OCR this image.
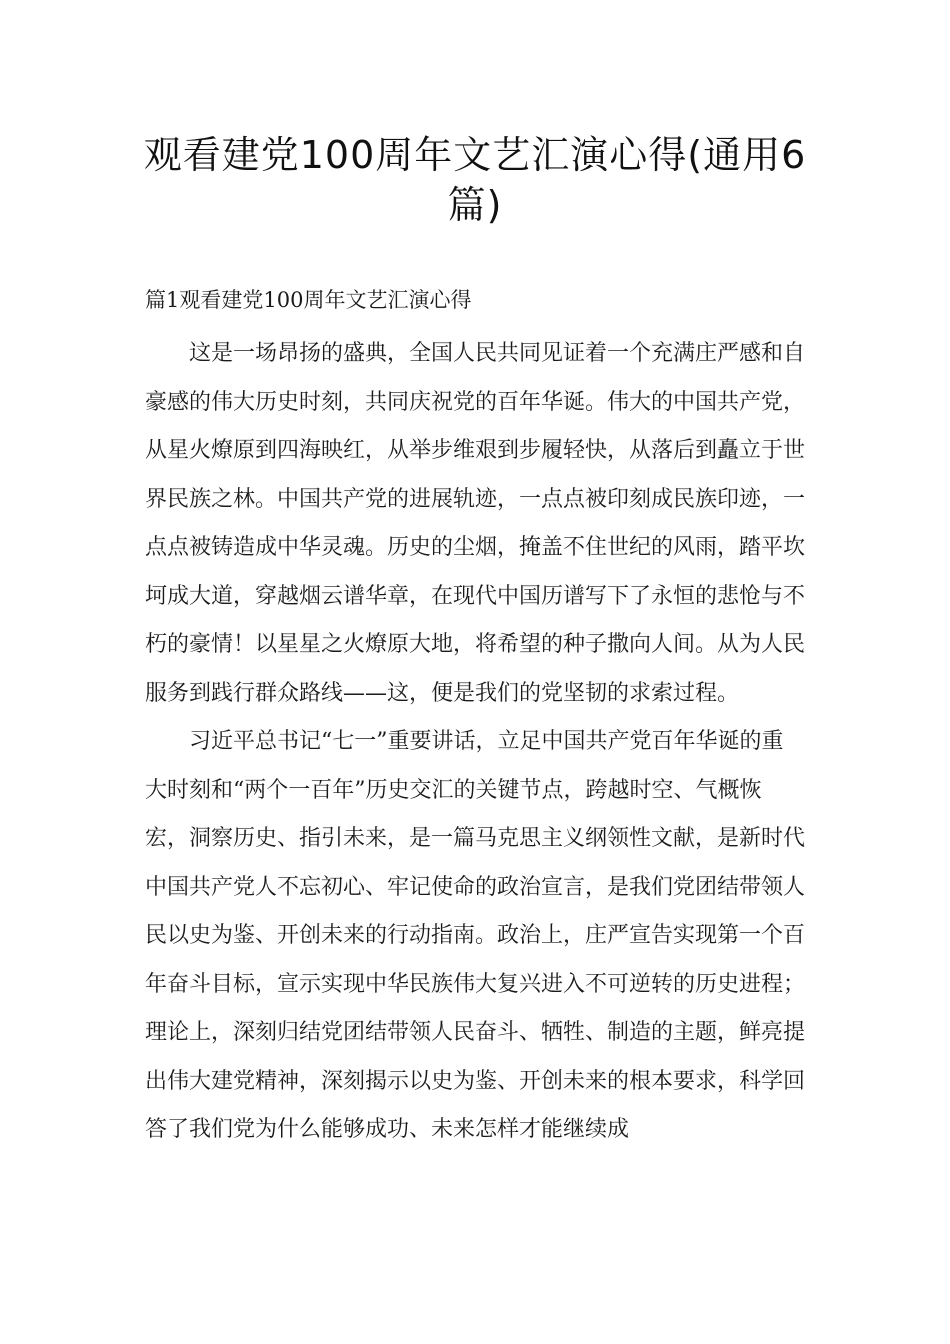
观看建党100周年文艺汇演心得(通用6篇)
篇1观看建党100周年文艺汇演心得

　　这是一场昂扬的盛典，全国人民共同见证着一个充满庄严感和自豪感的伟大历史时刻，共同庆祝党的百年华诞。伟大的中国共产党，从星火燎原到四海映红，从举步维艰到步履轻快，从落后到矗立于世界民族之林。中国共产党的进展轨迹，一点点被印刻成民族印迹，一点点被铸造成中华灵魂。历史的尘烟，掩盖不住世纪的风雨，踏平坎坷成大道，穿越烟云谱华章，在现代中国历谱写下了永恒的悲怆与不朽的豪情！以星星之火燎原大地，将希望的种子撒向人间。从为人民服务到践行群众路线——这，便是我们的党坚韧的求索过程。

　　习近平总书记“七一”重要讲话，立足中国共产党百年华诞的重大时刻和“两个一百年”历史交汇的关键节点，跨越时空、气概恢宏，洞察历史、指引未来，是一篇马克思主义纲领性文献，是新时代中国共产党人不忘初心、牢记使命的政治宣言，是我们党团结带领人民以史为鉴、开创未来的行动指南。政治上，庄严宣告实现第一个百年奋斗目标，宣示实现中华民族伟大复兴进入不可逆转的历史进程；理论上，深刻归结党团结带领人民奋斗、牺牲、制造的主题，鲜亮提出伟大建党精神，深刻揭示以史为鉴、开创未来的根本要求，科学回答了我们党为什么能够成功、未来怎样才能继续成
